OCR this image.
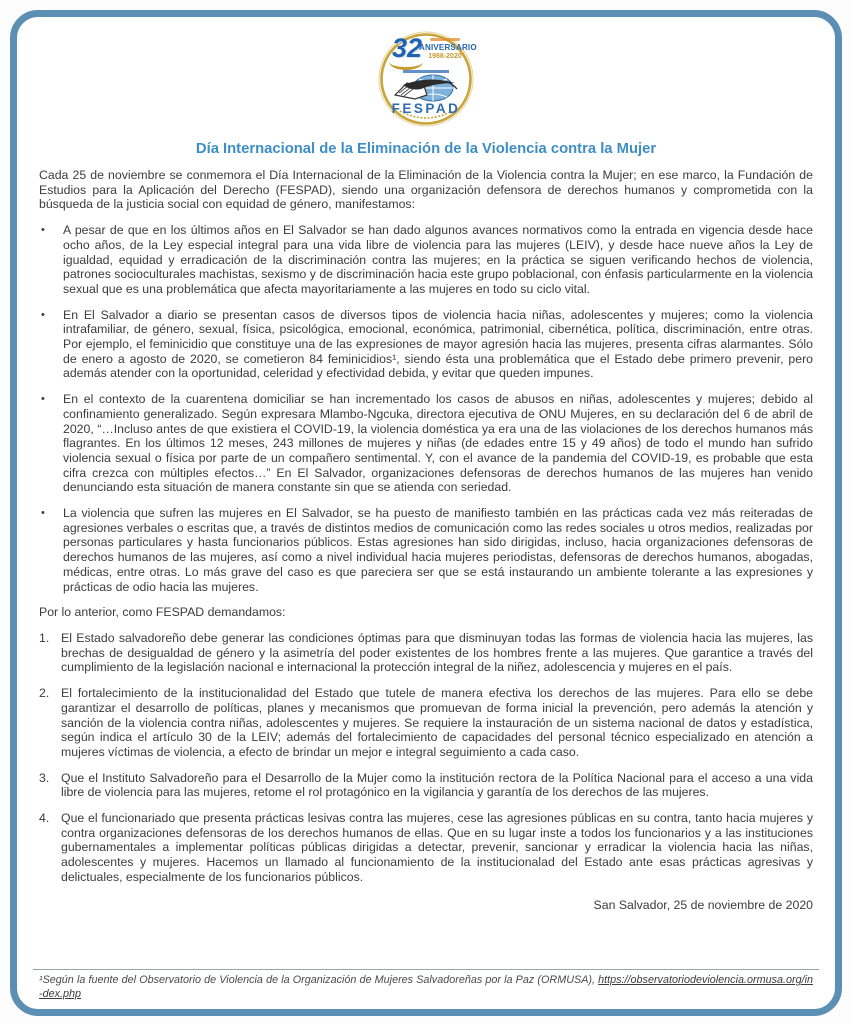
32
ANIVERSARIO
1988-2020
FESPAD
Día Internacional de la Eliminación de la Violencia contra la Mujer

Cada 25 de noviembre se conmemora el Día Internacional de la Eliminación de la Violencia contra la Mujer; en ese marco, la Fundación de Estudios para la Aplicación del Derecho (FESPAD), siendo una organización defensora de derechos humanos y comprometida con la búsqueda de la justicia social con equidad de género, manifestamos:

•	A pesar de que en los últimos años en El Salvador se han dado algunos avances normativos como la entrada en vigencia desde hace ocho años, de la Ley especial integral para una vida libre de violencia para las mujeres (LEIV), y desde hace nueve años la Ley de igualdad, equidad y erradicación de la discriminación contra las mujeres; en la práctica se siguen verificando hechos de violencia, patrones socioculturales machistas, sexismo y de discriminación hacia este grupo poblacional, con énfasis particularmente en la violencia sexual que es una problemática que afecta mayoritariamente a las mujeres en todo su ciclo vital.

•	En El Salvador a diario se presentan casos de diversos tipos de violencia hacia niñas, adolescentes y mujeres; como la violencia intrafamiliar, de género, sexual, física, psicológica, emocional, económica, patrimonial, cibernética, política, discriminación, entre otras. Por ejemplo, el feminicidio que constituye una de las expresiones de mayor agresión hacia las mujeres, presenta cifras alarmantes. Sólo de enero a agosto de 2020, se cometieron 84 feminicidios¹, siendo ésta una problemática que el Estado debe primero prevenir, pero además atender con la oportunidad, celeridad y efectividad debida, y evitar que queden impunes.

•	En el contexto de la cuarentena domiciliar se han incrementado los casos de abusos en niñas, adolescentes y mujeres; debido al confinamiento generalizado. Según expresara Mlambo-Ngcuka, directora ejecutiva de ONU Mujeres, en su declaración del 6 de abril de 2020, “…Incluso antes de que existiera el COVID-19, la violencia doméstica ya era una de las violaciones de los derechos humanos más flagrantes. En los últimos 12 meses, 243 millones de mujeres y niñas (de edades entre 15 y 49 años) de todo el mundo han sufrido violencia sexual o física por parte de un compañero sentimental. Y, con el avance de la pandemia del COVID-19, es probable que esta cifra crezca con múltiples efectos…” En El Salvador, organizaciones defensoras de derechos humanos de las mujeres han venido denunciando esta situación de manera constante sin que se atienda con seriedad.

•	La violencia que sufren las mujeres en El Salvador, se ha puesto de manifiesto también en las prácticas cada vez más reiteradas de agresiones verbales o escritas que, a través de distintos medios de comunicación como las redes sociales u otros medios, realizadas por personas particulares y hasta funcionarios públicos. Estas agresiones han sido dirigidas, incluso, hacia organizaciones defensoras de derechos humanos de las mujeres, así como a nivel individual hacia mujeres periodistas, defensoras de derechos humanos, abogadas, médicas, entre otras. Lo más grave del caso es que pareciera ser que se está instaurando un ambiente tolerante a las expresiones y prácticas de odio hacia las mujeres.

Por lo anterior, como FESPAD demandamos:

1. El Estado salvadoreño debe generar las condiciones óptimas para que disminuyan todas las formas de violencia hacia las mujeres, las brechas de desigualdad de género y la asimetría del poder existentes de los hombres frente a las mujeres. Que garantice a través del cumplimiento de la legislación nacional e internacional la protección integral de la niñez, adolescencia y mujeres en el país.

2. El fortalecimiento de la institucionalidad del Estado que tutele de manera efectiva los derechos de las mujeres. Para ello se debe garantizar el desarrollo de políticas, planes y mecanismos que promuevan de forma inicial la prevención, pero además la atención y sanción de la violencia contra niñas, adolescentes y mujeres. Se requiere la instauración de un sistema nacional de datos y estadística, según indica el artículo 30 de la LEIV; además del fortalecimiento de capacidades del personal técnico especializado en atención a mujeres víctimas de violencia, a efecto de brindar un mejor e integral seguimiento a cada caso.

3. Que el Instituto Salvadoreño para el Desarrollo de la Mujer como la institución rectora de la Política Nacional para el acceso a una vida libre de violencia para las mujeres, retome el rol protagónico en la vigilancia y garantía de los derechos de las mujeres.

4. Que el funcionariado que presenta prácticas lesivas contra las mujeres, cese las agresiones públicas en su contra, tanto hacia mujeres y contra organizaciones defensoras de los derechos humanos de ellas. Que en su lugar inste a todos los funcionarios y a las instituciones gubernamentales a implementar políticas públicas dirigidas a detectar, prevenir, sancionar y erradicar la violencia hacia las niñas, adolescentes y mujeres. Hacemos un llamado al funcionamiento de la institucionalad del Estado ante esas prácticas agresivas y delictuales, especialmente de los funcionarios públicos.

San Salvador, 25 de noviembre de 2020

¹Según la fuente del Observatorio de Violencia de la Organización de Mujeres Salvadoreñas por la Paz (ORMUSA), https://observatoriodeviolencia.ormusa.org/in-dex.php
